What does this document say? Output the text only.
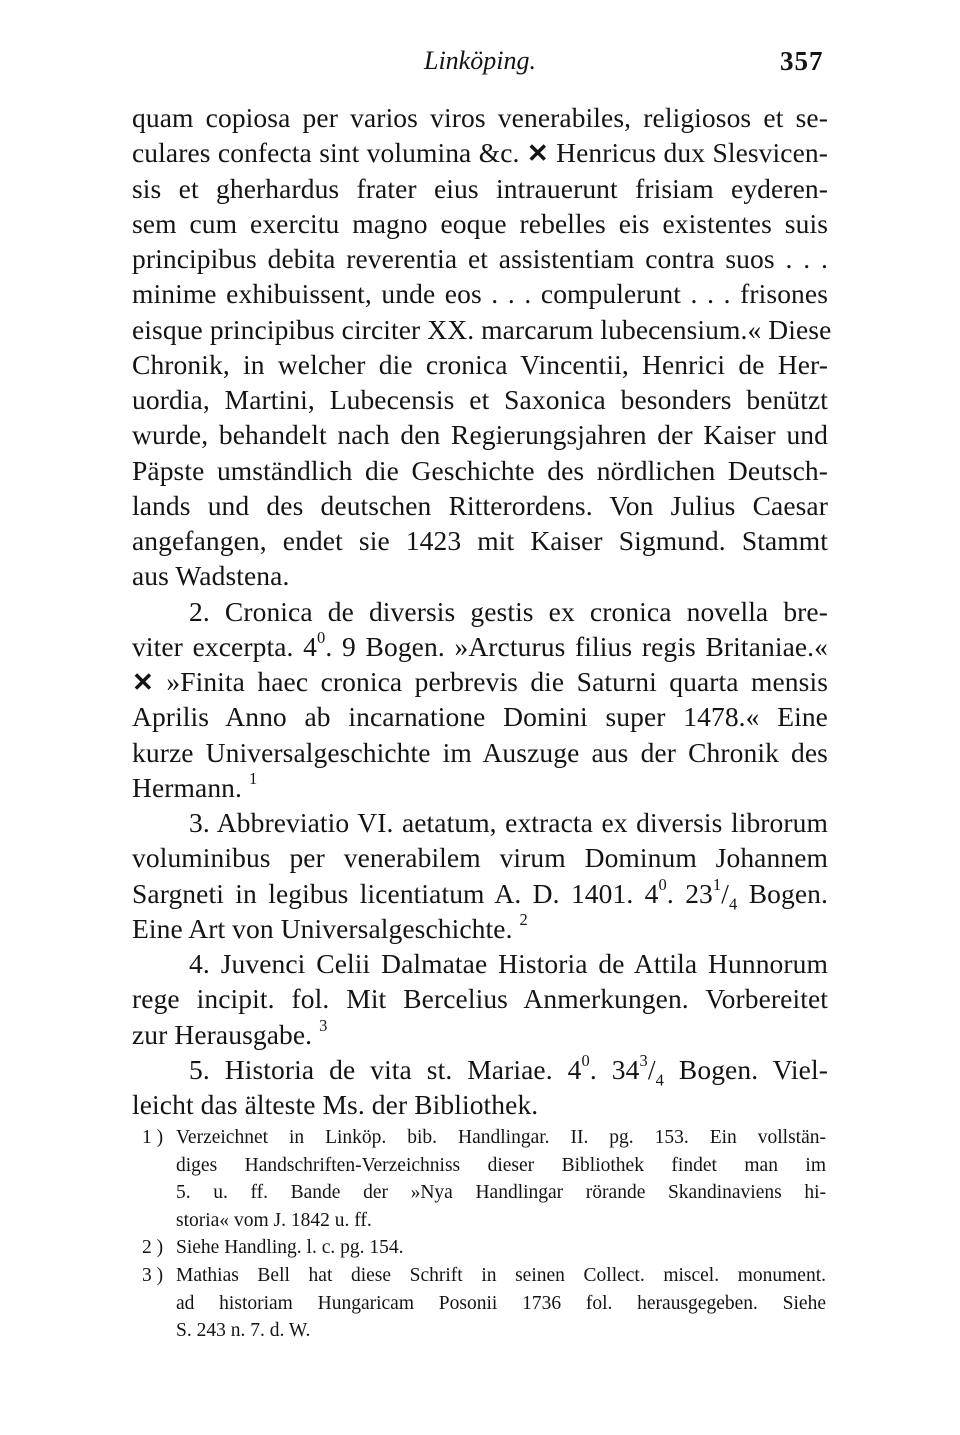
Linköping.	357
quam copiosa per varios viros venerabiles, religiosos et se-
culares confecta sint volumina &c. ✕ Henricus dux Slesvicen-
sis et gherhardus frater eius intrauerunt frisiam eyderen-
sem cum exercitu magno eoque rebelles eis existentes suis
principibus debita reverentia et assistentiam contra suos . . .
minime exhibuissent, unde eos . . . compulerunt . . . frisones
eisque principibus circiter XX. marcarum lubecensium.« Diese
Chronik, in welcher die cronica Vincentii, Henrici de Her-
uordia, Martini, Lubecensis et Saxonica besonders benützt
wurde, behandelt nach den Regierungsjahren der Kaiser und
Päpste umständlich die Geschichte des nördlichen Deutsch-
lands und des deutschen Ritterordens. Von Julius Caesar
angefangen, endet sie 1423 mit Kaiser Sigmund. Stammt
aus Wadstena.
2. Cronica de diversis gestis ex cronica novella bre-
viter excerpta. $4^0$. 9 Bogen. »Arcturus filius regis Britaniae.«
✕ »Finita haec cronica perbrevis die Saturni quarta mensis
Aprilis Anno ab incarnatione Domini super 1478.« Eine
kurze Universalgeschichte im Auszuge aus der Chronik des
Hermann. $^1$
3. Abbreviatio VI. aetatum, extracta ex diversis librorum
voluminibus per venerabilem virum Dominum Johannem
Sargneti in legibus licentiatum A. D. 1401. $4^0$. $23^1/_4$ Bogen.
Eine Art von Universalgeschichte. $^2$
4. Juvenci Celii Dalmatae Historia de Attila Hunnorum
rege incipit. fol. Mit Bercelius Anmerkungen. Vorbereitet
zur Herausgabe. $^3$
5. Historia de vita st. Mariae. $4^0$. $34^3/_4$ Bogen. Viel-
leicht das älteste Ms. der Bibliothek.
1 ) Verzeichnet in Linköp. bib. Handlingar. II. pg. 153. Ein vollstän-
diges Handschriften-Verzeichniss dieser Bibliothek findet man im
5. u. ff. Bande der »Nya Handlingar rörande Skandinaviens hi-
storia« vom J. 1842 u. ff.
2 ) Siehe Handling. l. c. pg. 154.
3 ) Mathias Bell hat diese Schrift in seinen Collect. miscel. monument.
ad historiam Hungaricam Posonii 1736 fol. herausgegeben. Siehe
S. 243 n. 7. d. W.
